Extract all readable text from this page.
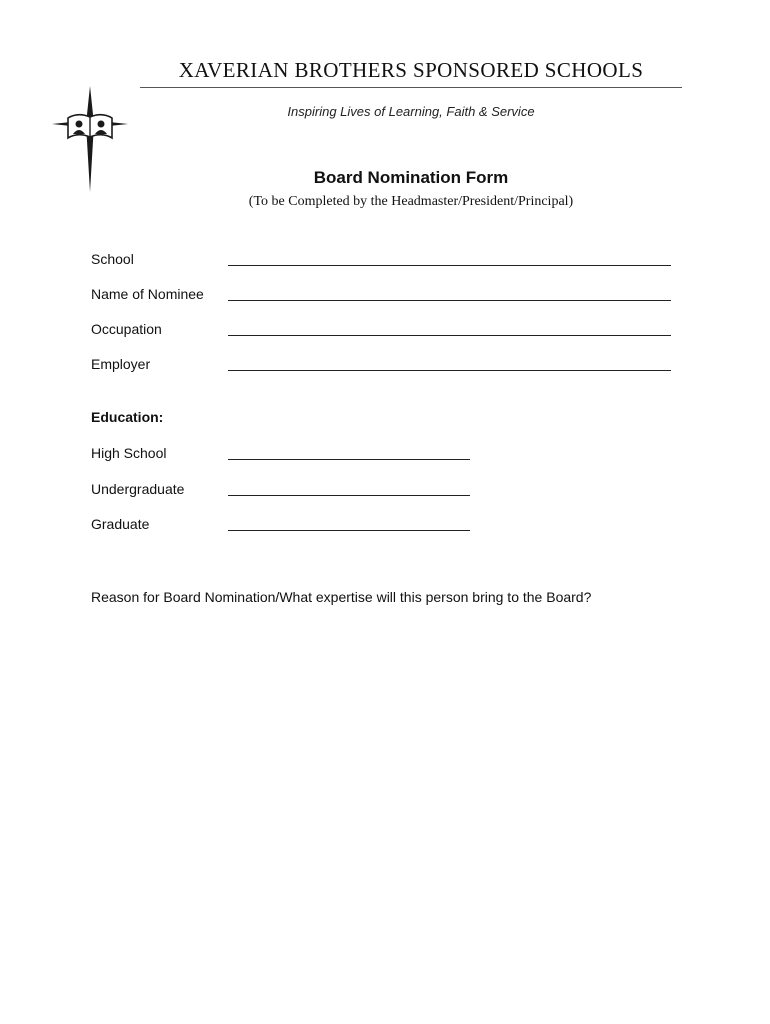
XAVERIAN BROTHERS SPONSORED SCHOOLS
Inspiring Lives of Learning, Faith & Service
Board Nomination Form
(To be Completed by the Headmaster/President/Principal)
School
Name of Nominee
Occupation
Employer
Education:
High School
Undergraduate
Graduate
Reason for Board Nomination/What expertise will this person bring to the Board?
